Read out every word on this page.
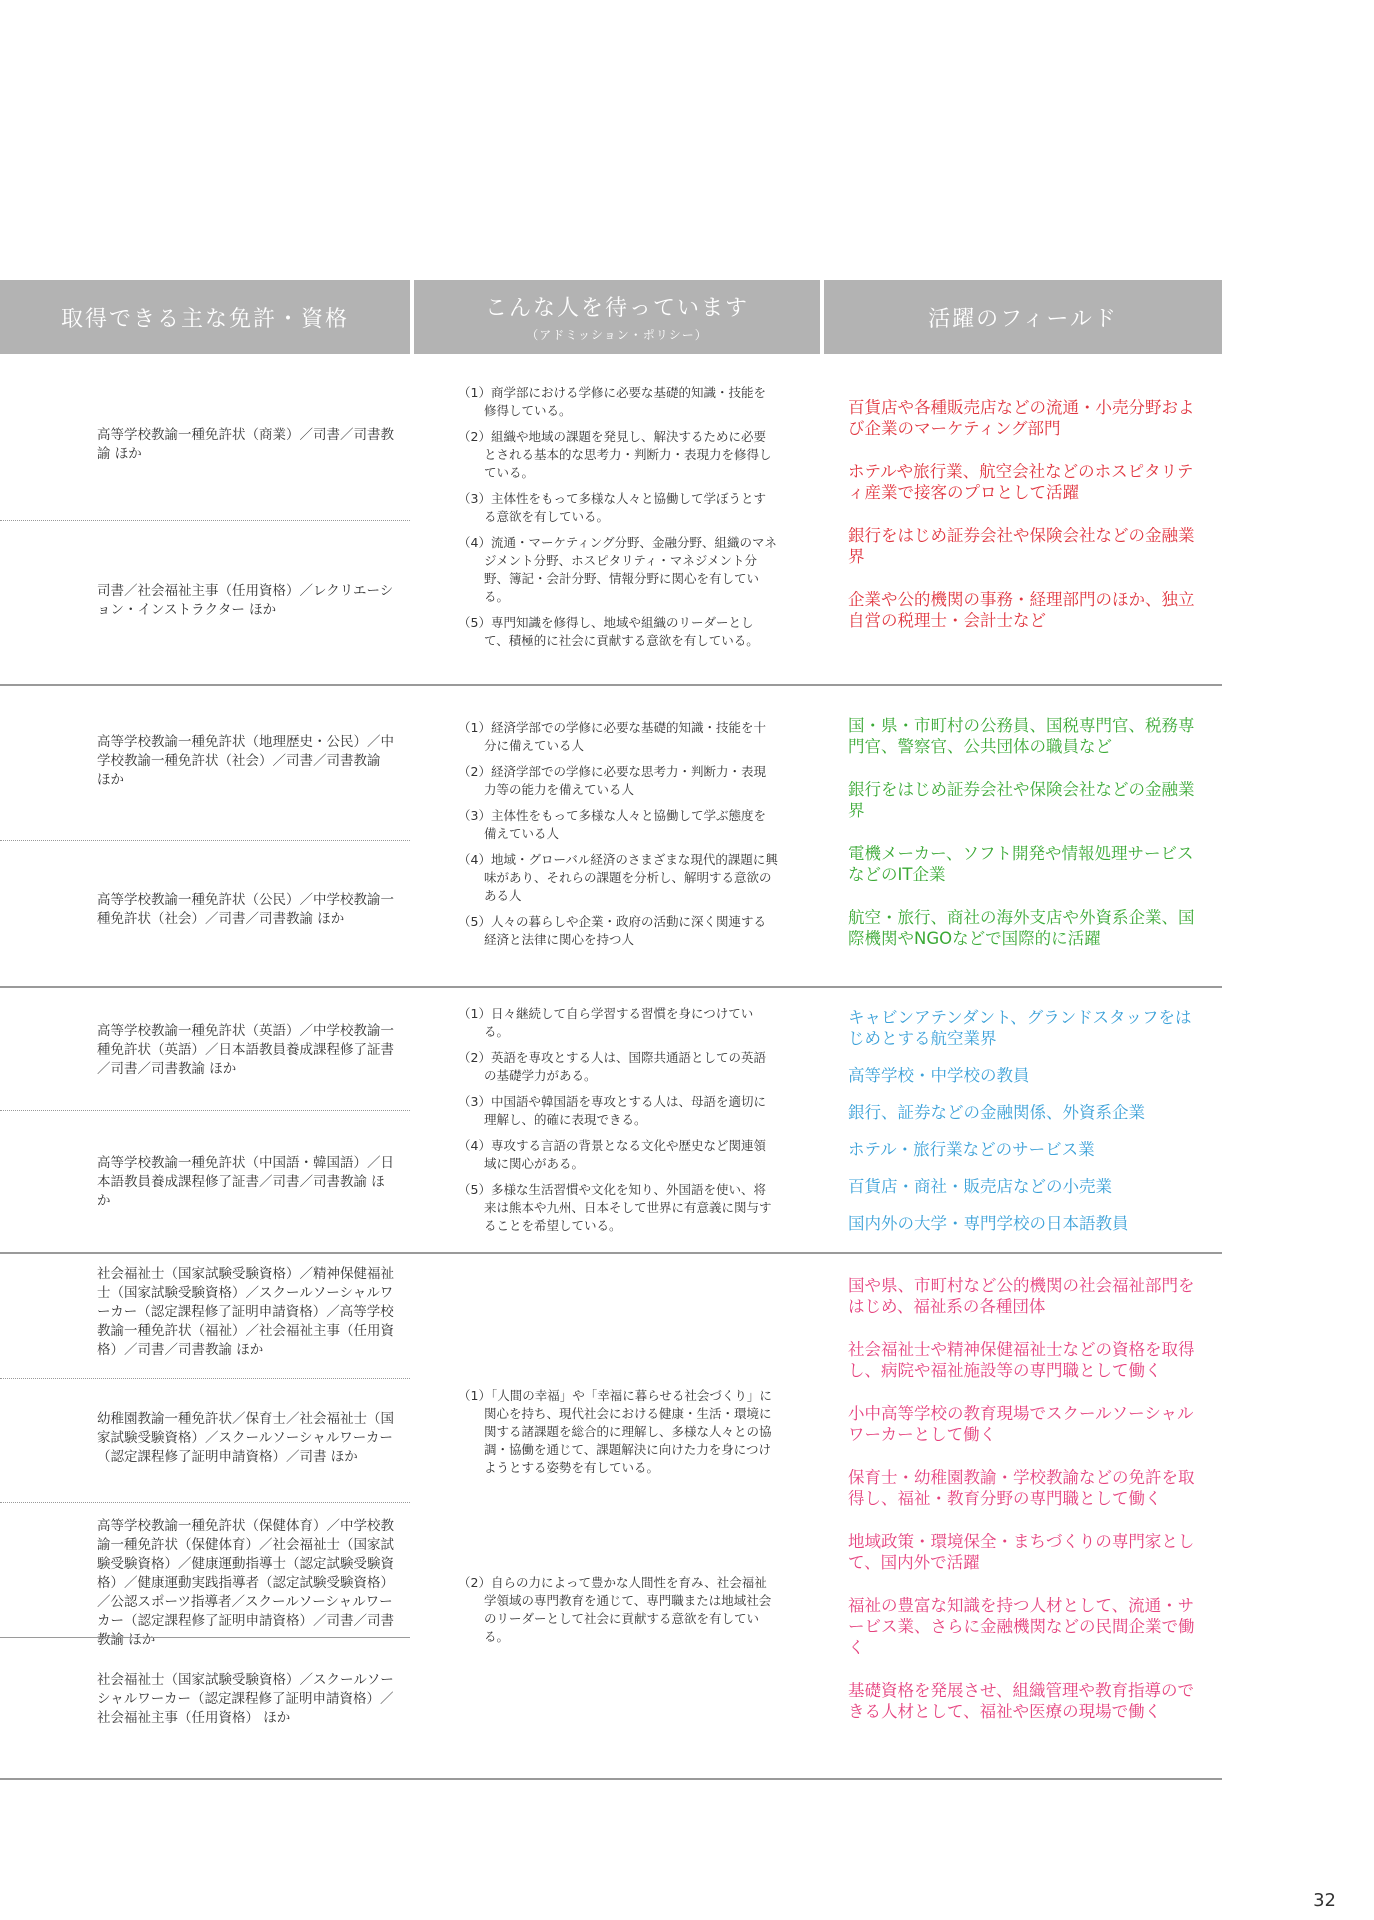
取得できる主な免許・資格	こんな人を待っています
（アドミッション・ポリシー）
活躍のフィールド
高等学校教諭一種免許状（商業）／司書／司書教諭 ほか
司書／社会福祉主事（任用資格）／レクリエーション・インストラクター ほか
（1）商学部における学修に必要な基礎的知識・技能を修得している。
（2）組織や地域の課題を発見し、解決するために必要とされる基本的な思考力・判断力・表現力を修得している。
（3）主体性をもって多様な人々と協働して学ぼうとする意欲を有している。
（4）流通・マーケティング分野、金融分野、組織のマネジメント分野、ホスピタリティ・マネジメント分野、簿記・会計分野、情報分野に関心を有している。
（5）専門知識を修得し、地域や組織のリーダーとして、積極的に社会に貢献する意欲を有している。
百貨店や各種販売店などの流通・小売分野および企業のマーケティング部門
ホテルや旅行業、航空会社などのホスピタリティ産業で接客のプロとして活躍
銀行をはじめ証券会社や保険会社などの金融業界
企業や公的機関の事務・経理部門のほか、独立自営の税理士・会計士など
高等学校教諭一種免許状（地理歴史・公民）／中学校教諭一種免許状（社会）／司書／司書教諭 ほか
高等学校教諭一種免許状（公民）／中学校教諭一種免許状（社会）／司書／司書教諭 ほか
（1）経済学部での学修に必要な基礎的知識・技能を十分に備えている人
（2）経済学部での学修に必要な思考力・判断力・表現力等の能力を備えている人
（3）主体性をもって多様な人々と協働して学ぶ態度を備えている人
（4）地域・グローバル経済のさまざまな現代的課題に興味があり、それらの課題を分析し、解明する意欲のある人
（5）人々の暮らしや企業・政府の活動に深く関連する経済と法律に関心を持つ人
国・県・市町村の公務員、国税専門官、税務専門官、警察官、公共団体の職員など
銀行をはじめ証券会社や保険会社などの金融業界
電機メーカー、ソフト開発や情報処理サービスなどのIT企業
航空・旅行、商社の海外支店や外資系企業、国際機関やNGOなどで国際的に活躍
高等学校教諭一種免許状（英語）／中学校教諭一種免許状（英語）／日本語教員養成課程修了証書／司書／司書教諭 ほか
高等学校教諭一種免許状（中国語・韓国語）／日本語教員養成課程修了証書／司書／司書教諭 ほか
（1）日々継続して自ら学習する習慣を身につけている。
（2）英語を専攻とする人は、国際共通語としての英語の基礎学力がある。
（3）中国語や韓国語を専攻とする人は、母語を適切に理解し、的確に表現できる。
（4）専攻する言語の背景となる文化や歴史など関連領域に関心がある。
（5）多様な生活習慣や文化を知り、外国語を使い、将来は熊本や九州、日本そして世界に有意義に関与することを希望している。
キャビンアテンダント、グランドスタッフをはじめとする航空業界
高等学校・中学校の教員
銀行、証券などの金融関係、外資系企業
ホテル・旅行業などのサービス業
百貨店・商社・販売店などの小売業
国内外の大学・専門学校の日本語教員
社会福祉士（国家試験受験資格）／精神保健福祉士（国家試験受験資格）／スクールソーシャルワーカー（認定課程修了証明申請資格）／高等学校教諭一種免許状（福祉）／社会福祉主事（任用資格）／司書／司書教諭 ほか
幼稚園教諭一種免許状／保育士／社会福祉士（国家試験受験資格）／スクールソーシャルワーカー（認定課程修了証明申請資格）／司書 ほか
高等学校教諭一種免許状（保健体育）／中学校教諭一種免許状（保健体育）／社会福祉士（国家試験受験資格）／健康運動指導士（認定試験受験資格）／健康運動実践指導者（認定試験受験資格）／公認スポーツ指導者／スクールソーシャルワーカー（認定課程修了証明申請資格）／司書／司書教諭 ほか
社会福祉士（国家試験受験資格）／スクールソーシャルワーカー（認定課程修了証明申請資格）／社会福祉主事（任用資格） ほか
（1）「人間の幸福」や「幸福に暮らせる社会づくり」に関心を持ち、現代社会における健康・生活・環境に関する諸課題を総合的に理解し、多様な人々との協調・協働を通じて、課題解決に向けた力を身につけようとする姿勢を有している。
（2）自らの力によって豊かな人間性を育み、社会福祉学領域の専門教育を通じて、専門職または地域社会のリーダーとして社会に貢献する意欲を有している。
国や県、市町村など公的機関の社会福祉部門をはじめ、福祉系の各種団体
社会福祉士や精神保健福祉士などの資格を取得し、病院や福祉施設等の専門職として働く
小中高等学校の教育現場でスクールソーシャルワーカーとして働く
保育士・幼稚園教諭・学校教諭などの免許を取得し、福祉・教育分野の専門職として働く
地域政策・環境保全・まちづくりの専門家として、国内外で活躍
福祉の豊富な知識を持つ人材として、流通・サービス業、さらに金融機関などの民間企業で働く
基礎資格を発展させ、組織管理や教育指導のできる人材として、福祉や医療の現場で働く
32
